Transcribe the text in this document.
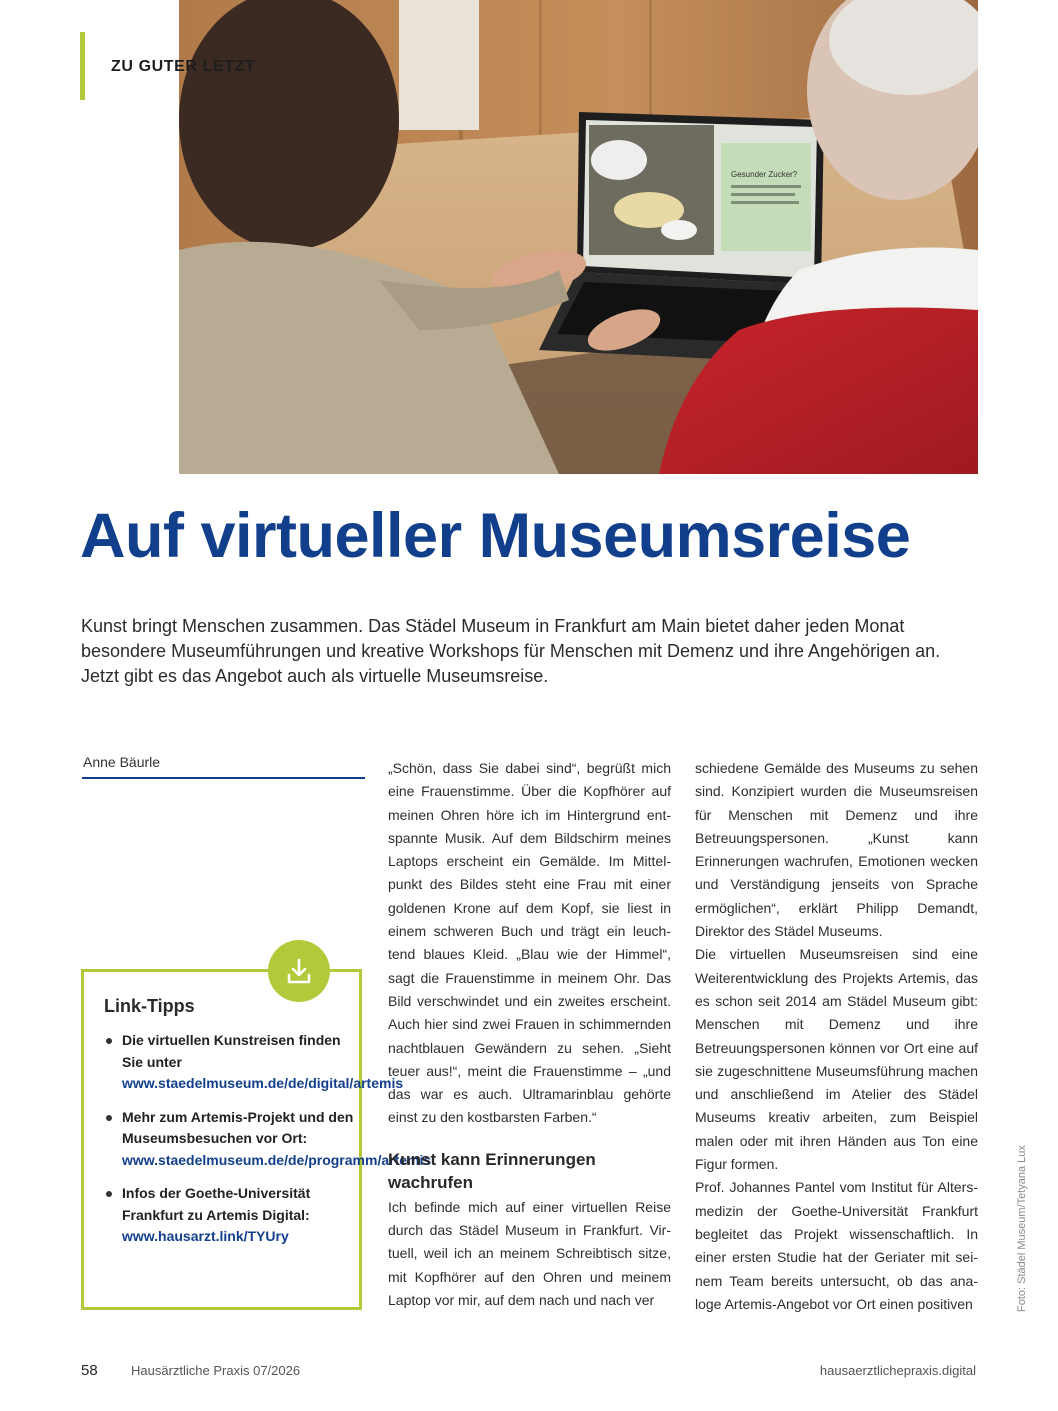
ZU GUTER LETZT
Gesunder Zucker?
Auf virtueller Museumsreise
Kunst bringt Menschen zusammen. Das Städel Museum in Frankfurt am Main bietet daher jeden Monat besondere Museumführungen und kreative Workshops für Menschen mit Demenz und ihre Angehörigen an. Jetzt gibt es das Angebot auch als virtuelle Museumsreise.
Anne Bäurle
Link-Tipps
Die virtuellen Kunstreisen finden Sie unter
www.staedelmuseum.de/de/digital/artemis
Mehr zum Artemis-Projekt und den Museumsbesuchen vor Ort:
www.staedelmuseum.de/de/programm/artemis
Infos der Goethe-Universität Frankfurt zu Artemis Digital:
www.hausarzt.link/TYUry

„Schön, dass Sie dabei sind“, begrüßt mich eine Frauenstimme. Über die Kopfhörer auf meinen Ohren höre ich im Hintergrund entspannte Musik. Auf dem Bildschirm meines Laptops erscheint ein Gemälde. Im Mittelpunkt des Bildes steht eine Frau mit einer goldenen Krone auf dem Kopf, sie liest in einem schweren Buch und trägt ein leuchtend blaues Kleid. „Blau wie der Himmel“, sagt die Frauenstimme in meinem Ohr. Das Bild verschwindet und ein zweites erscheint. Auch hier sind zwei Frauen in schimmernden nachtblauen Gewändern zu sehen. „Sieht teuer aus!“, meint die Frauenstimme – „und das war es auch. Ultramarinblau gehörte einst zu den kostbarsten Farben.“

Kunst kann Erinnerungen wachrufen

Ich befinde mich auf einer virtuellen Reise durch das Städel Museum in Frankfurt. Virtuell, weil ich an meinem Schreibtisch sitze, mit Kopfhörer auf den Ohren und meinem Laptop vor mir, auf dem nach und nach ver

schiedene Gemälde des Museums zu sehen sind. Konzipiert wurden die Museumsreisen für Menschen mit Demenz und ihre Betreuungspersonen. „Kunst kann Erinnerungen wachrufen, Emotionen wecken und Verständigung jenseits von Sprache ermöglichen“, erklärt Philipp Demandt, Direktor des Städel Museums.

Die virtuellen Museumsreisen sind eine Weiterentwicklung des Projekts Artemis, das es schon seit 2014 am Städel Museum gibt: Menschen mit Demenz und ihre Betreuungspersonen können vor Ort eine auf sie zugeschnittene Museumsführung machen und anschließend im Atelier des Städel Museums kreativ arbeiten, zum Beispiel malen oder mit ihren Händen aus Ton eine Figur formen.

Prof. Johannes Pantel vom Institut für Altersmedizin der Goethe-Universität Frankfurt begleitet das Projekt wissenschaftlich. In einer ersten Studie hat der Geriater mit seinem Team bereits untersucht, ob das analoge Artemis-Angebot vor Ort einen positiven	Foto: Städel Museum/Tetyana Lux
58	Hausärztliche Praxis 07/2026	hausaerztlichepraxis.digital
